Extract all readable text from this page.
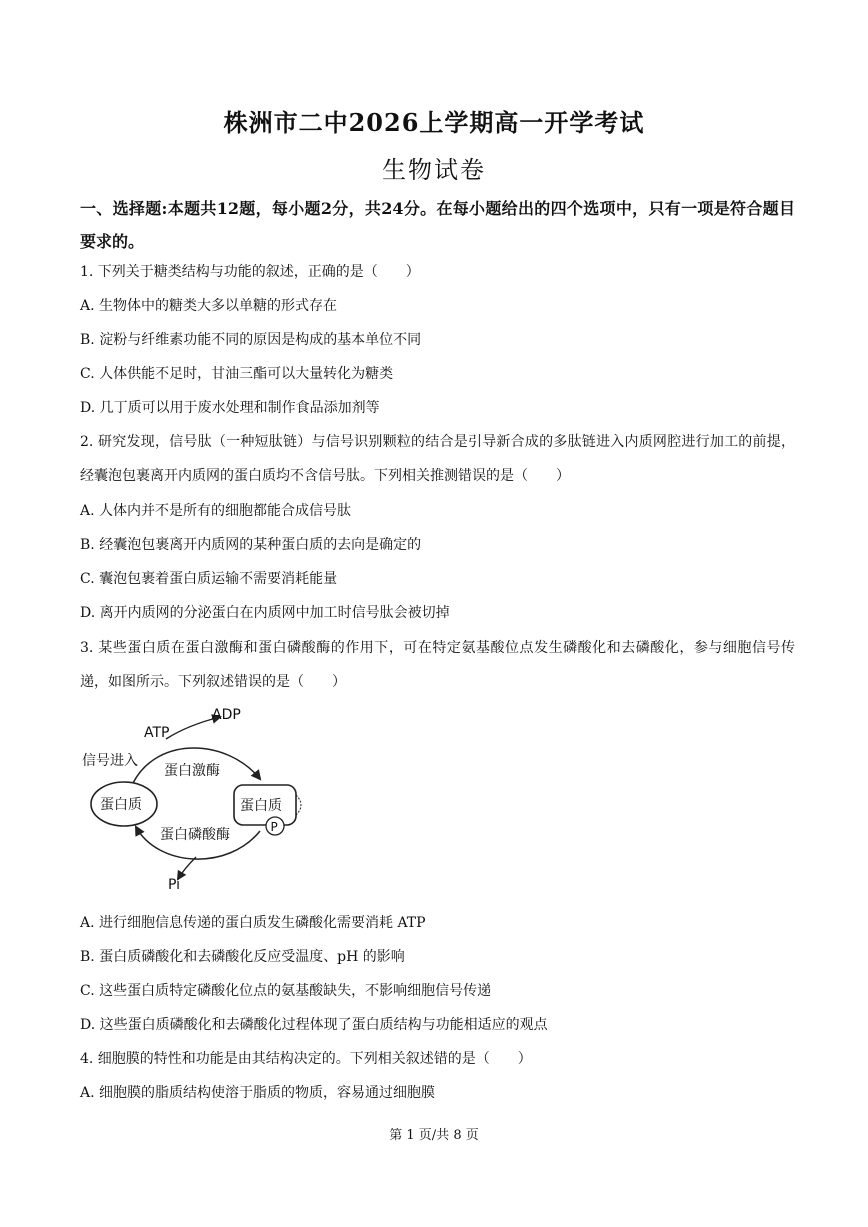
株洲市二中2026上学期高一开学考试
生物试卷
一、选择题:本题共12题，每小题2分，共24分。在每小题给出的四个选项中，只有一项是符合题目要求的。
1. 下列关于糖类结构与功能的叙述，正确的是（　　）
A. 生物体中的糖类大多以单糖的形式存在
B. 淀粉与纤维素功能不同的原因是构成的基本单位不同
C. 人体供能不足时，甘油三酯可以大量转化为糖类
D. 几丁质可以用于废水处理和制作食品添加剂等
2. 研究发现，信号肽（一种短肽链）与信号识别颗粒的结合是引导新合成的多肽链进入内质网腔进行加工的前提，经囊泡包裹离开内质网的蛋白质均不含信号肽。下列相关推测错误的是（　　）
A. 人体内并不是所有的细胞都能合成信号肽
B. 经囊泡包裹离开内质网的某种蛋白质的去向是确定的
C. 囊泡包裹着蛋白质运输不需要消耗能量
D. 离开内质网的分泌蛋白在内质网中加工时信号肽会被切掉
3. 某些蛋白质在蛋白激酶和蛋白磷酸酶的作用下，可在特定氨基酸位点发生磷酸化和去磷酸化，参与细胞信号传递，如图所示。下列叙述错误的是（　　）
ATP
ADP
信号进入
蛋白激酶
蛋白质	蛋白质
P
蛋白磷酸酶
Pi
A. 进行细胞信息传递的蛋白质发生磷酸化需要消耗 ATP
B. 蛋白质磷酸化和去磷酸化反应受温度、pH 的影响
C. 这些蛋白质特定磷酸化位点的氨基酸缺失，不影响细胞信号传递
D. 这些蛋白质磷酸化和去磷酸化过程体现了蛋白质结构与功能相适应的观点
4. 细胞膜的特性和功能是由其结构决定的。下列相关叙述错的是（　　）
A. 细胞膜的脂质结构使溶于脂质的物质，容易通过细胞膜
第 1 页/共 8 页
